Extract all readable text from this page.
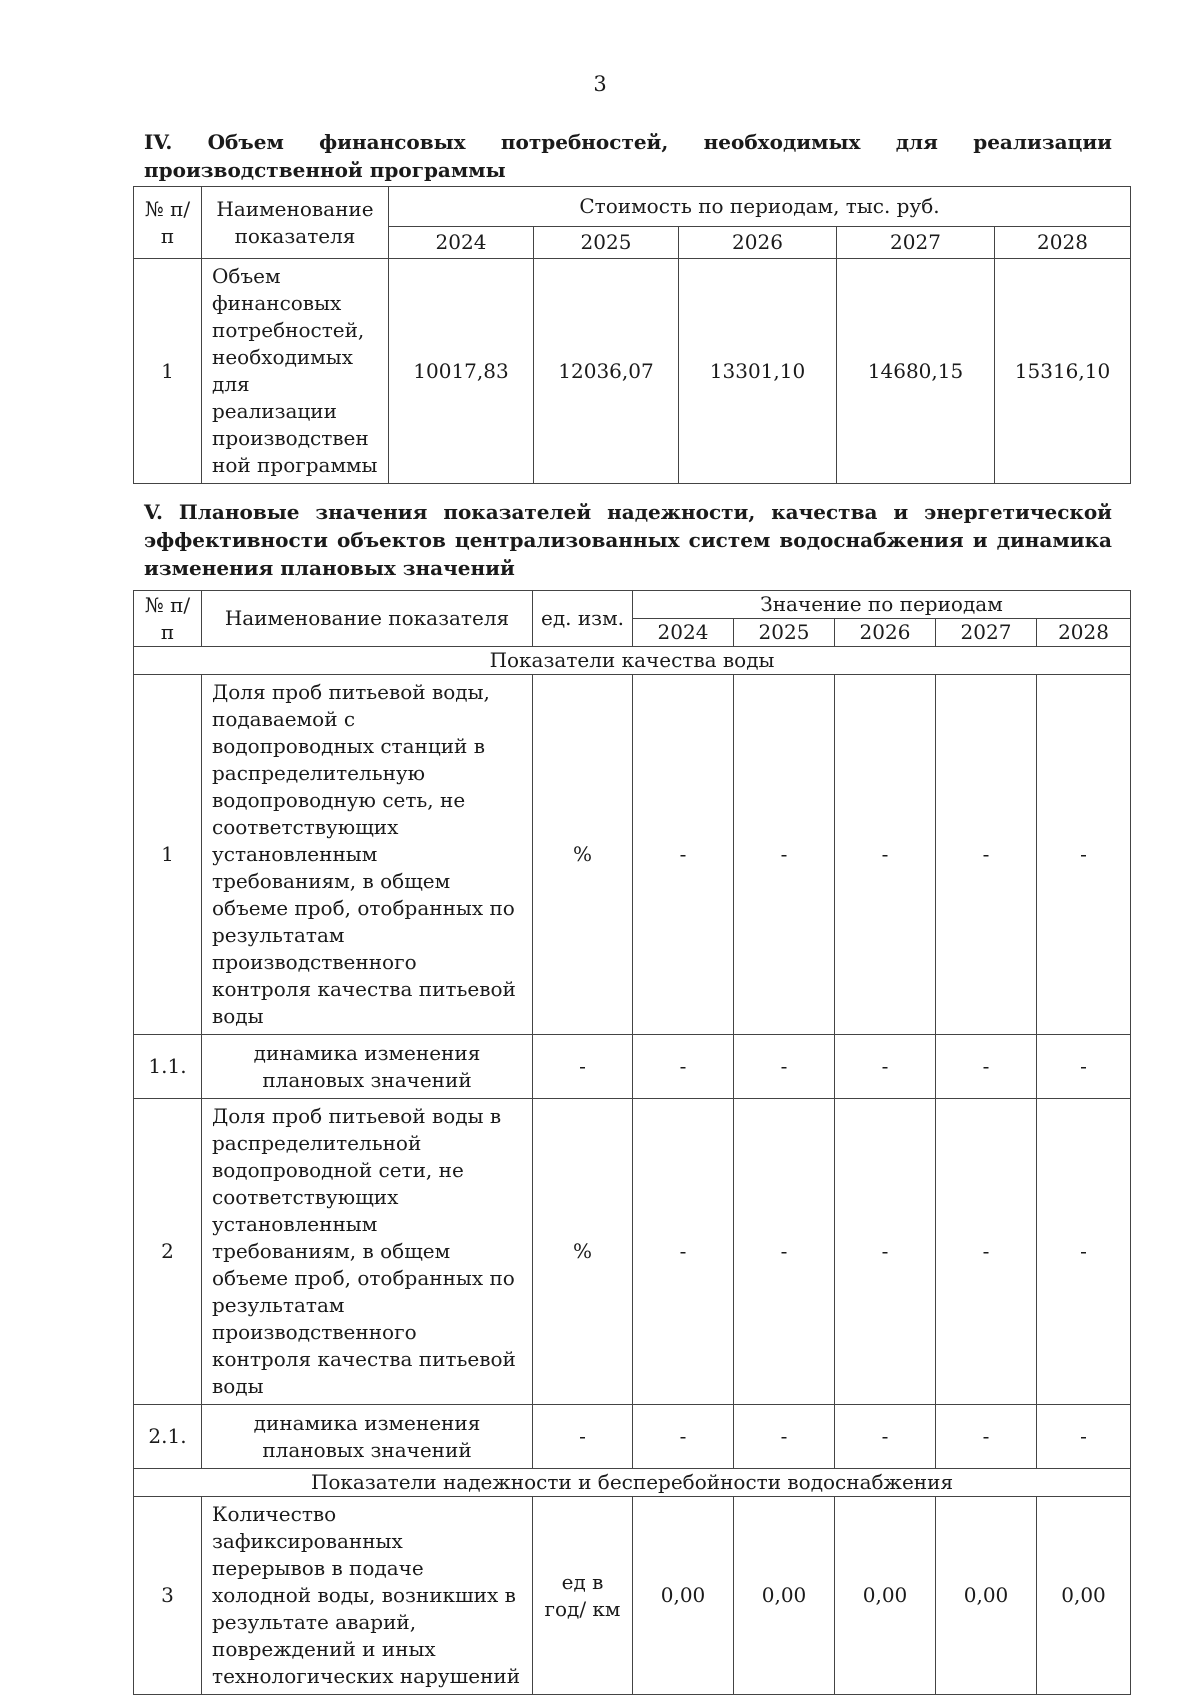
3
IV. Объем финансовых потребностей, необходимых для реализации производственной программы
№ п/п	Наименование показателя	Стоимость по периодам, тыс. руб.				
		2024	2025	2026	2027	2028
1	Объем финансовых потребностей, необходимых для реализации производствен ной программы	10017,83	12036,07	13301,10	14680,15	15316,10
V. Плановые значения показателей надежности, качества и энергетической эффективности объектов централизованных систем водоснабжения и динамика изменения плановых значений
№ п/п	Наименование показателя	ед. изм.	Значение по периодам				
			2024	2025	2026	2027	2028
Показатели качества воды							
1	Доля проб питьевой воды, подаваемой с водопроводных станций в распределительную водопроводную сеть, не соответствующих установленным требованиям, в общем объеме проб, отобранных по результатам производственного контроля качества питьевой воды	%	-	-	-	-	-
1.1.	динамика изменения плановых значений	-	-	-	-	-	-
2	Доля проб питьевой воды в распределительной водопроводной сети, не соответствующих установленным требованиям, в общем объеме проб, отобранных по результатам производственного контроля качества питьевой воды	%	-	-	-	-	-
2.1.	динамика изменения плановых значений	-	-	-	-	-	-
Показатели надежности и бесперебойности водоснабжения							
3	Количество зафиксированных перерывов в подаче холодной воды, возникших в результате аварий, повреждений и иных технологических нарушений	ед в год/ км	0,00	0,00	0,00	0,00	0,00
